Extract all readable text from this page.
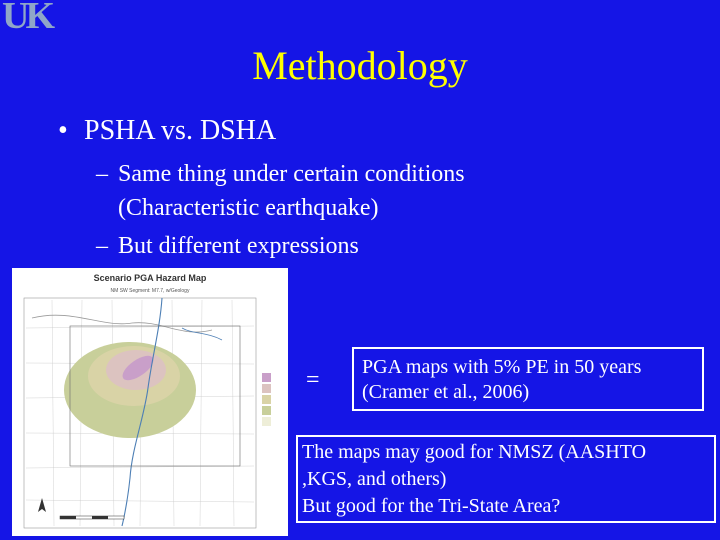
UK
Methodology
• PSHA vs. DSHA
– Same thing under certain conditions
(Characteristic earthquake)
– But different expressions
Scenario PGA Hazard Map
NM SW Segment: M7.7, w/Geology
= PGA maps with 5% PE in 50 years
(Cramer et al., 2006)
The maps may good for NMSZ (AASHTO
,KGS, and others)
But good for the Tri-State Area?
